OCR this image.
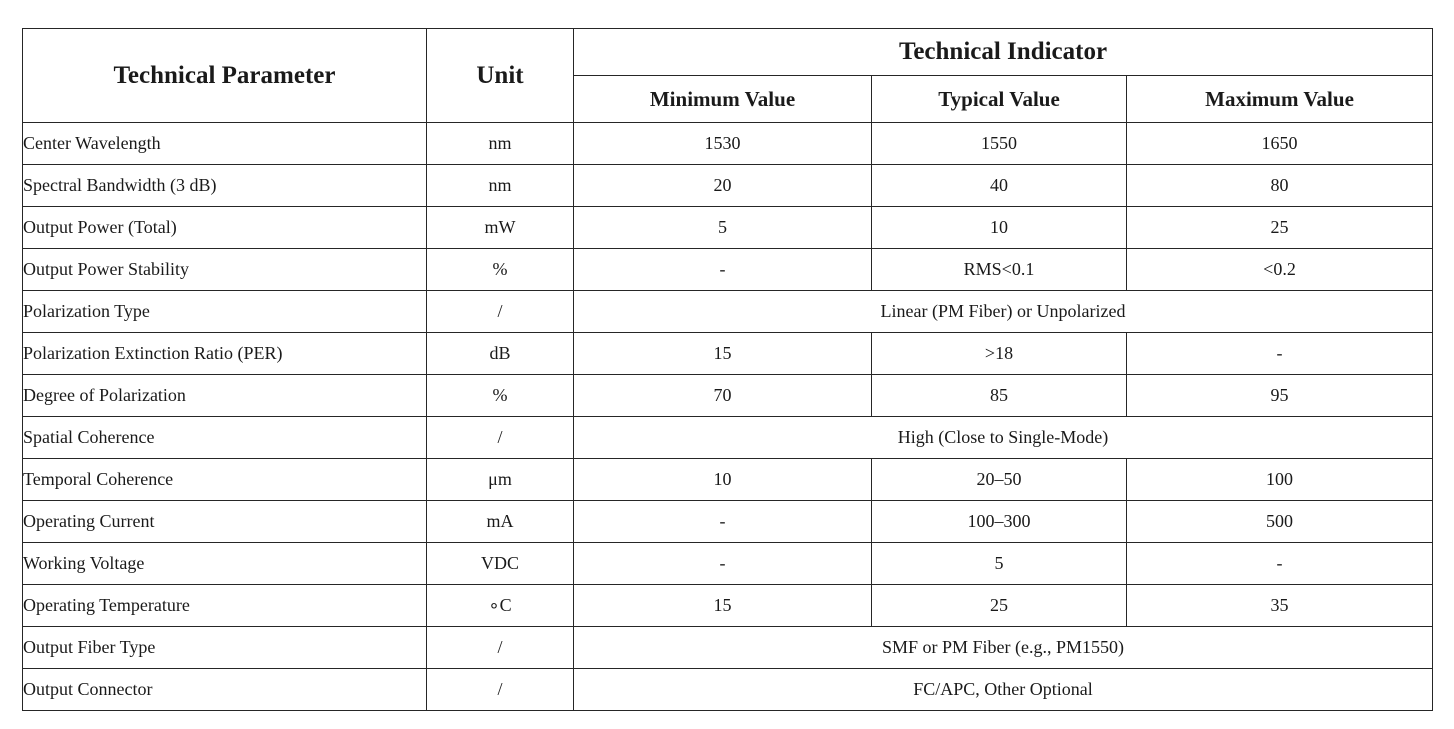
Technical Parameter	Unit	Technical Indicator		
		Minimum Value	Typical Value	Maximum Value
Center Wavelength	nm	1530	1550	1650
Spectral Bandwidth (3 dB)	nm	20	40	80
Output Power (Total)	mW	5	10	25
Output Power Stability	%	-	RMS<0.1	<0.2
Polarization Type	/	Linear (PM Fiber) or Unpolarized		
Polarization Extinction Ratio (PER)	dB	15	>18	-
Degree of Polarization	%	70	85	95
Spatial Coherence	/	High (Close to Single-Mode)		
Temporal Coherence	μm	10	20–50	100
Operating Current	mA	-	100–300	500
Working Voltage	VDC	-	5	-
Operating Temperature	∘C	15	25	35
Output Fiber Type	/	SMF or PM Fiber (e.g., PM1550)		
Output Connector	/	FC/APC, Other Optional		
